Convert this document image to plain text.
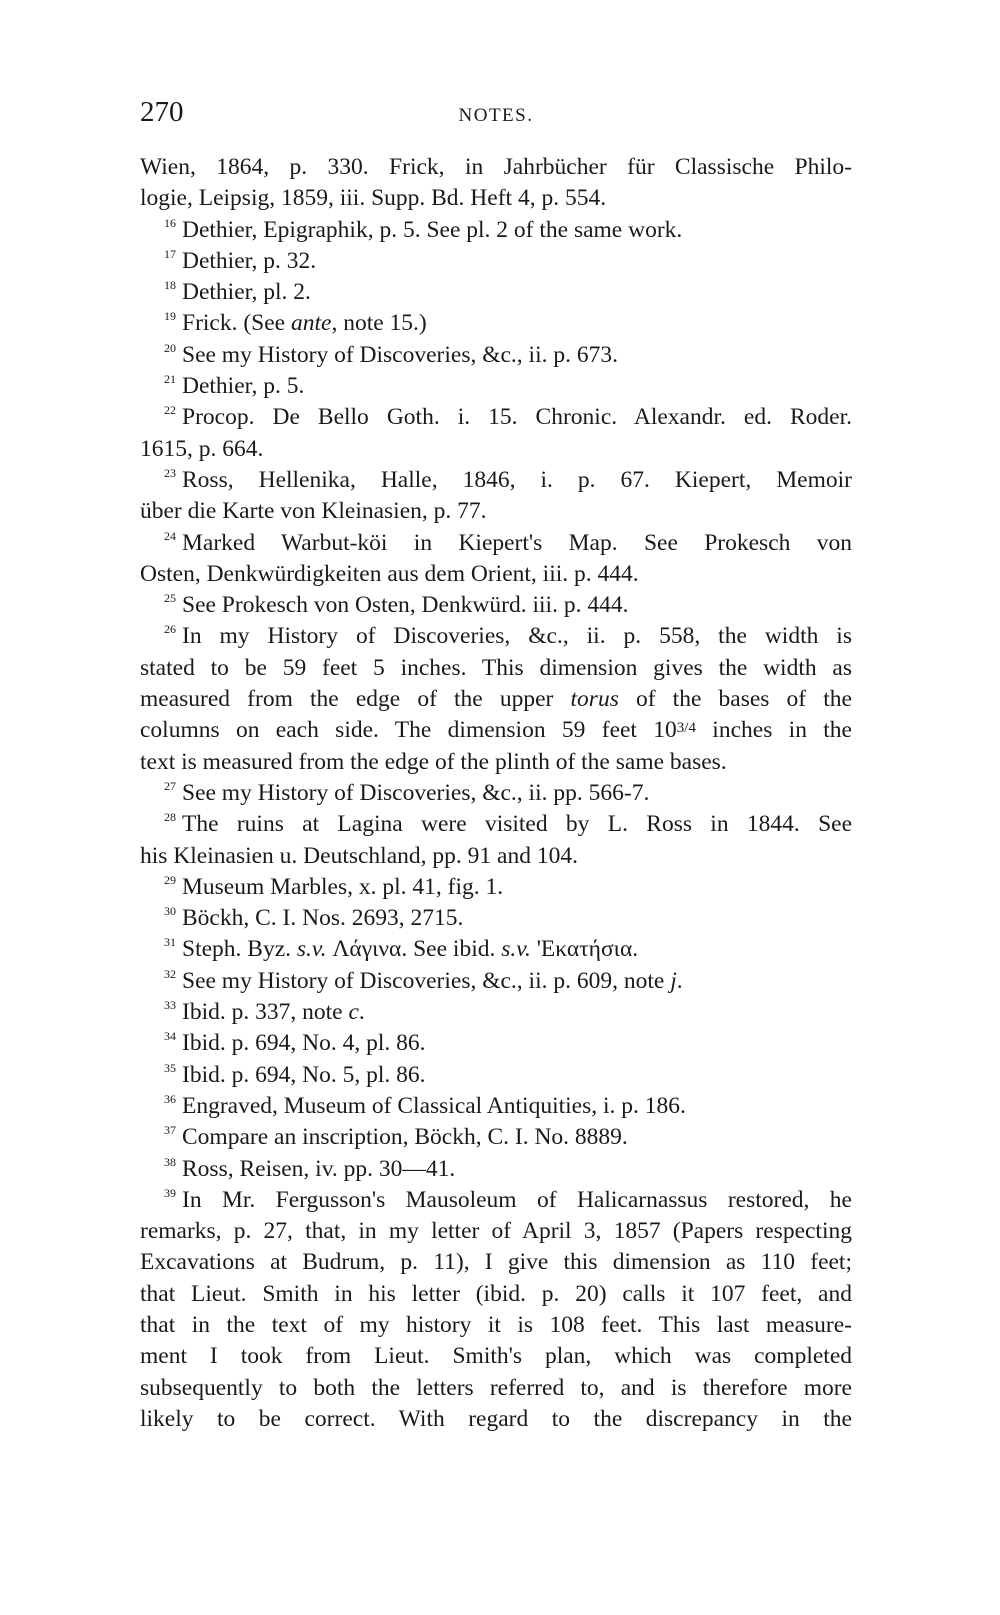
270	NOTES.
Wien, 1864, p. 330. Frick, in Jahrbücher für Classische Philo-
logie, Leipsig, 1859, iii. Supp. Bd. Heft 4, p. 554.
$^{16}$ Dethier, Epigraphik, p. 5. See pl. 2 of the same work.
$^{17}$ Dethier, p. 32.
$^{18}$ Dethier, pl. 2.
$^{19}$ Frick. (See ante, note 15.)
$^{20}$ See my History of Discoveries, &c., ii. p. 673.
$^{21}$ Dethier, p. 5.
$^{22}$ Procop. De Bello Goth. i. 15. Chronic. Alexandr. ed. Roder.
1615, p. 664.
$^{23}$ Ross, Hellenika, Halle, 1846, i. p. 67. Kiepert, Memoir
über die Karte von Kleinasien, p. 77.
$^{24}$ Marked Warbut-köi in Kiepert's Map. See Prokesch von
Osten, Denkwürdigkeiten aus dem Orient, iii. p. 444.
$^{25}$ See Prokesch von Osten, Denkwürd. iii. p. 444.
$^{26}$ In my History of Discoveries, &c., ii. p. 558, the width is
stated to be 59 feet 5 inches. This dimension gives the width as
measured from the edge of the upper torus of the bases of the
columns on each side. The dimension 59 feet $10^{3/4}$ inches in the
text is measured from the edge of the plinth of the same bases.
$^{27}$ See my History of Discoveries, &c., ii. pp. 566-7.
$^{28}$ The ruins at Lagina were visited by L. Ross in 1844. See
his Kleinasien u. Deutschland, pp. 91 and 104.
$^{29}$ Museum Marbles, x. pl. 41, fig. 1.
$^{30}$ Böckh, C. I. Nos. 2693, 2715.
$^{31}$ Steph. Byz. s.v. Λάγινα. See ibid. s.v. 'Εκατήσια.
$^{32}$ See my History of Discoveries, &c., ii. p. 609, note j.
$^{33}$ Ibid. p. 337, note c.
$^{34}$ Ibid. p. 694, No. 4, pl. 86.
$^{35}$ Ibid. p. 694, No. 5, pl. 86.
$^{36}$ Engraved, Museum of Classical Antiquities, i. p. 186.
$^{37}$ Compare an inscription, Böckh, C. I. No. 8889.
$^{38}$ Ross, Reisen, iv. pp. 30—41.
$^{39}$ In Mr. Fergusson's Mausoleum of Halicarnassus restored, he
remarks, p. 27, that, in my letter of April 3, 1857 (Papers respecting
Excavations at Budrum, p. 11), I give this dimension as 110 feet;
that Lieut. Smith in his letter (ibid. p. 20) calls it 107 feet, and
that in the text of my history it is 108 feet. This last measure-
ment I took from Lieut. Smith's plan, which was completed
subsequently to both the letters referred to, and is therefore more
likely to be correct. With regard to the discrepancy in the
